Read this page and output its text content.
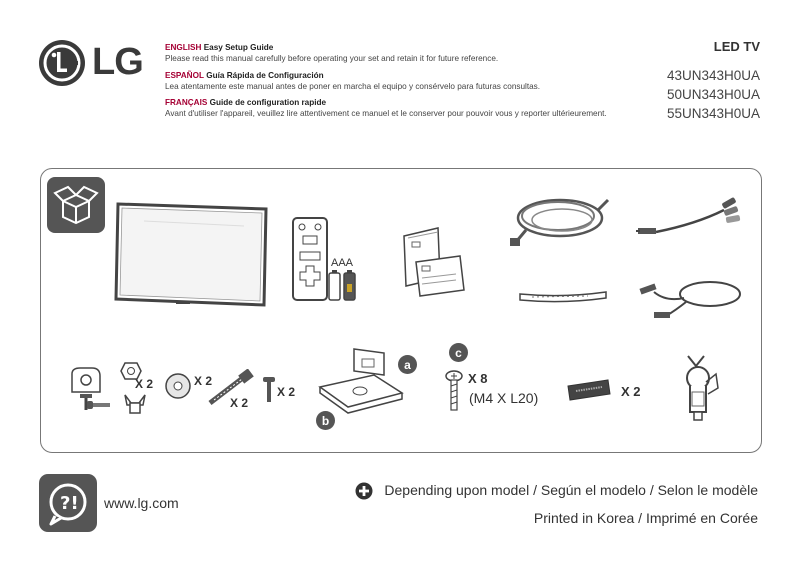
LG	ENGLISH Easy Setup Guide
Please read this manual carefully before operating your set and retain it for future reference.
ESPAÑOL Guía Rápida de Configuración
Lea atentamente este manual antes de poner en marcha el equipo y consérvelo para futuras consultas.
FRANÇAIS Guide de configuration rapide
Avant d'utiliser l'appareil, veuillez lire attentivement ce manuel et le conserver pour pouvoir vous y reporter ultérieurement.
LED TV
43UN343H0UA
50UN343H0UA
55UN343H0UA
AAA
X 2	X 2
X 2
X 2
a
b
c
X 8
(M4 X L20)	X 2
?! www.lg.com
Depending upon model / Según el modelo / Selon le modèle
Printed in Korea / Imprimé en Corée
